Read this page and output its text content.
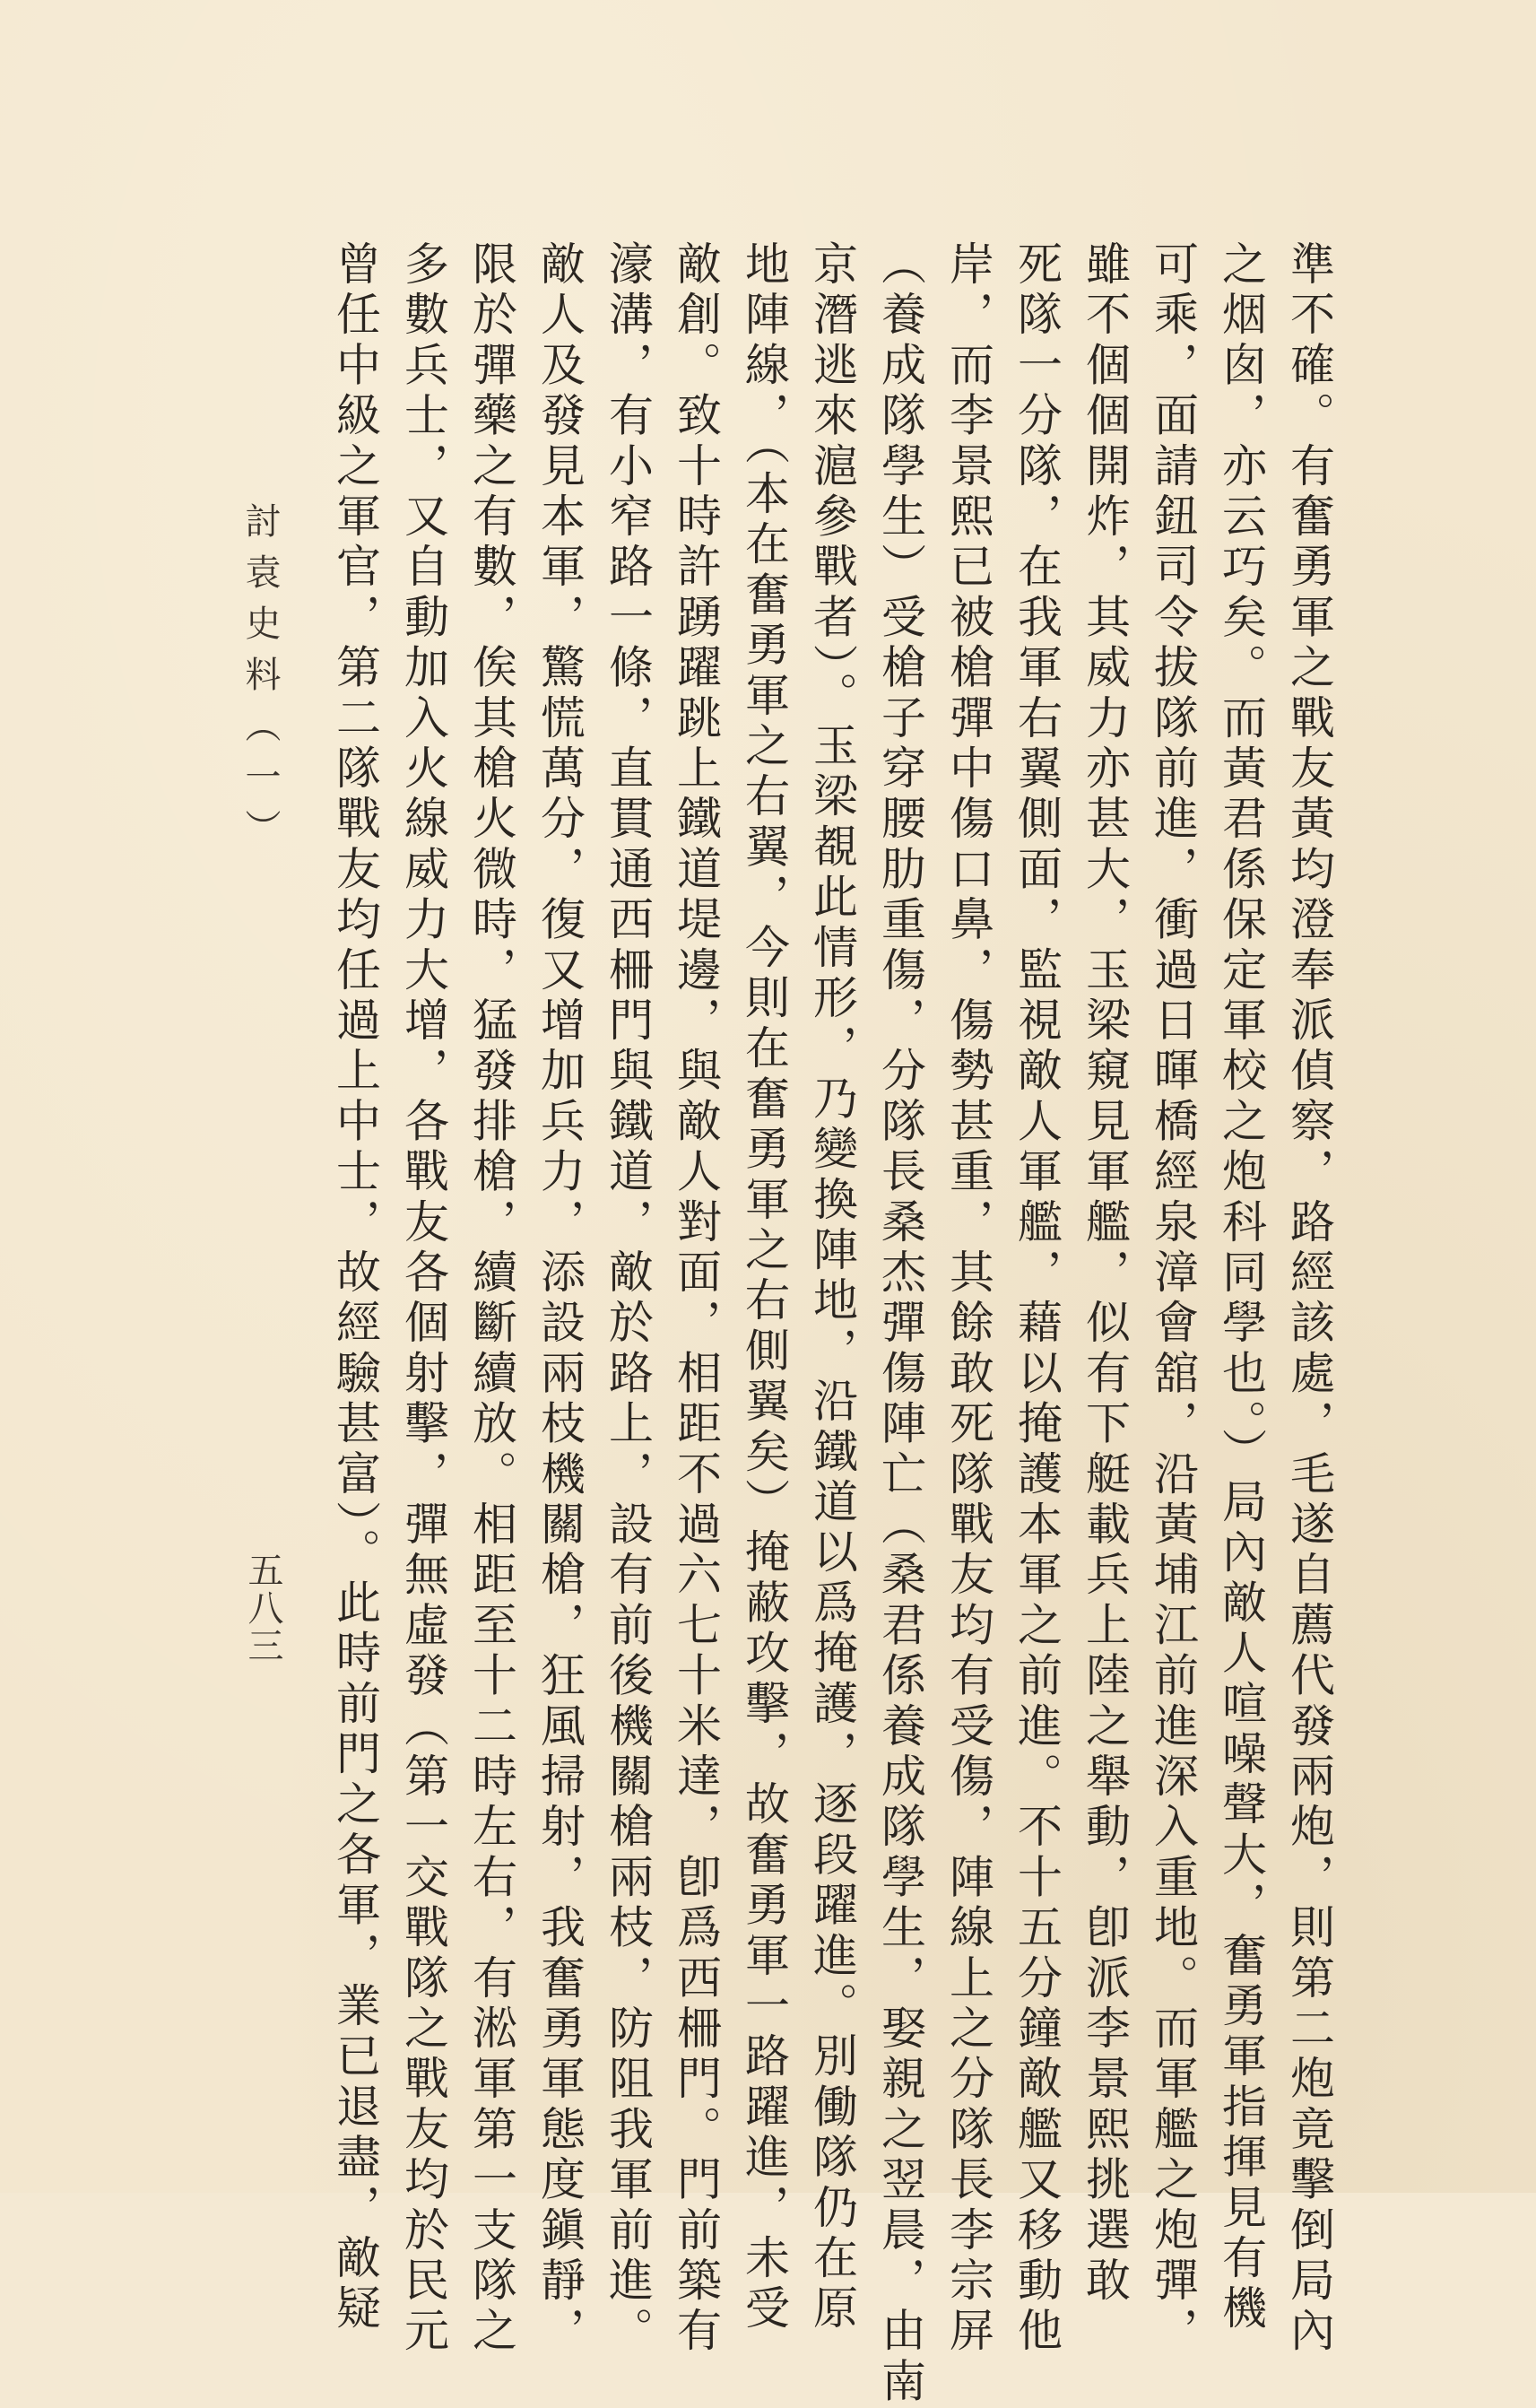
準不確。有奮勇軍之戰友黃均澄奉派偵察，路經該處，毛遂自薦代發兩炮，則第二炮竟擊倒局內
之烟囱，亦云巧矣。而黃君係保定軍校之炮科同學也。）局內敵人喧噪聲大，奮勇軍指揮見有機
可乘，面請鈕司令拔隊前進，衝過日暉橋經泉漳會舘，沿黃埔江前進深入重地。而軍艦之炮彈，
雖不個個開炸，其威力亦甚大，玉梁窺見軍艦，似有下艇載兵上陸之舉動，卽派李景熙挑選敢
死隊一分隊，在我軍右翼側面，監視敵人軍艦，藉以掩護本軍之前進。不十五分鐘敵艦又移動他
岸，而李景熙已被槍彈中傷口鼻，傷勢甚重，其餘敢死隊戰友均有受傷，陣線上之分隊長李宗屏
（養成隊學生）受槍子穿腰肋重傷，分隊長桑杰彈傷陣亡（桑君係養成隊學生，娶親之翌晨，由南
京潛逃來滬參戰者）。玉梁覩此情形，乃變換陣地，沿鐵道以爲掩護，逐段躍進。別働隊仍在原
地陣線，（本在奮勇軍之右翼，今則在奮勇軍之右側翼矣）掩蔽攻擊，故奮勇軍一路躍進，未受
敵創。致十時許踴躍跳上鐵道堤邊，與敵人對面，相距不過六七十米達，卽爲西柵門。門前築有
濠溝，有小窄路一條，直貫通西柵門與鐵道，敵於路上，設有前後機關槍兩枝，防阻我軍前進。
敵人及發見本軍，驚慌萬分，復又增加兵力，添設兩枝機關槍，狂風掃射，我奮勇軍態度鎭靜，
限於彈藥之有數，俟其槍火微時，猛發排槍，續斷續放。相距至十二時左右，有淞軍第一支隊之
多數兵士，又自動加入火線威力大增，各戰友各個射擊，彈無虛發（第一交戰隊之戰友均於民元
曾任中級之軍官，第二隊戰友均任過上中士，故經驗甚富）。此時前門之各軍，業已退盡，敵疑
討袁史料（一）
五八三
